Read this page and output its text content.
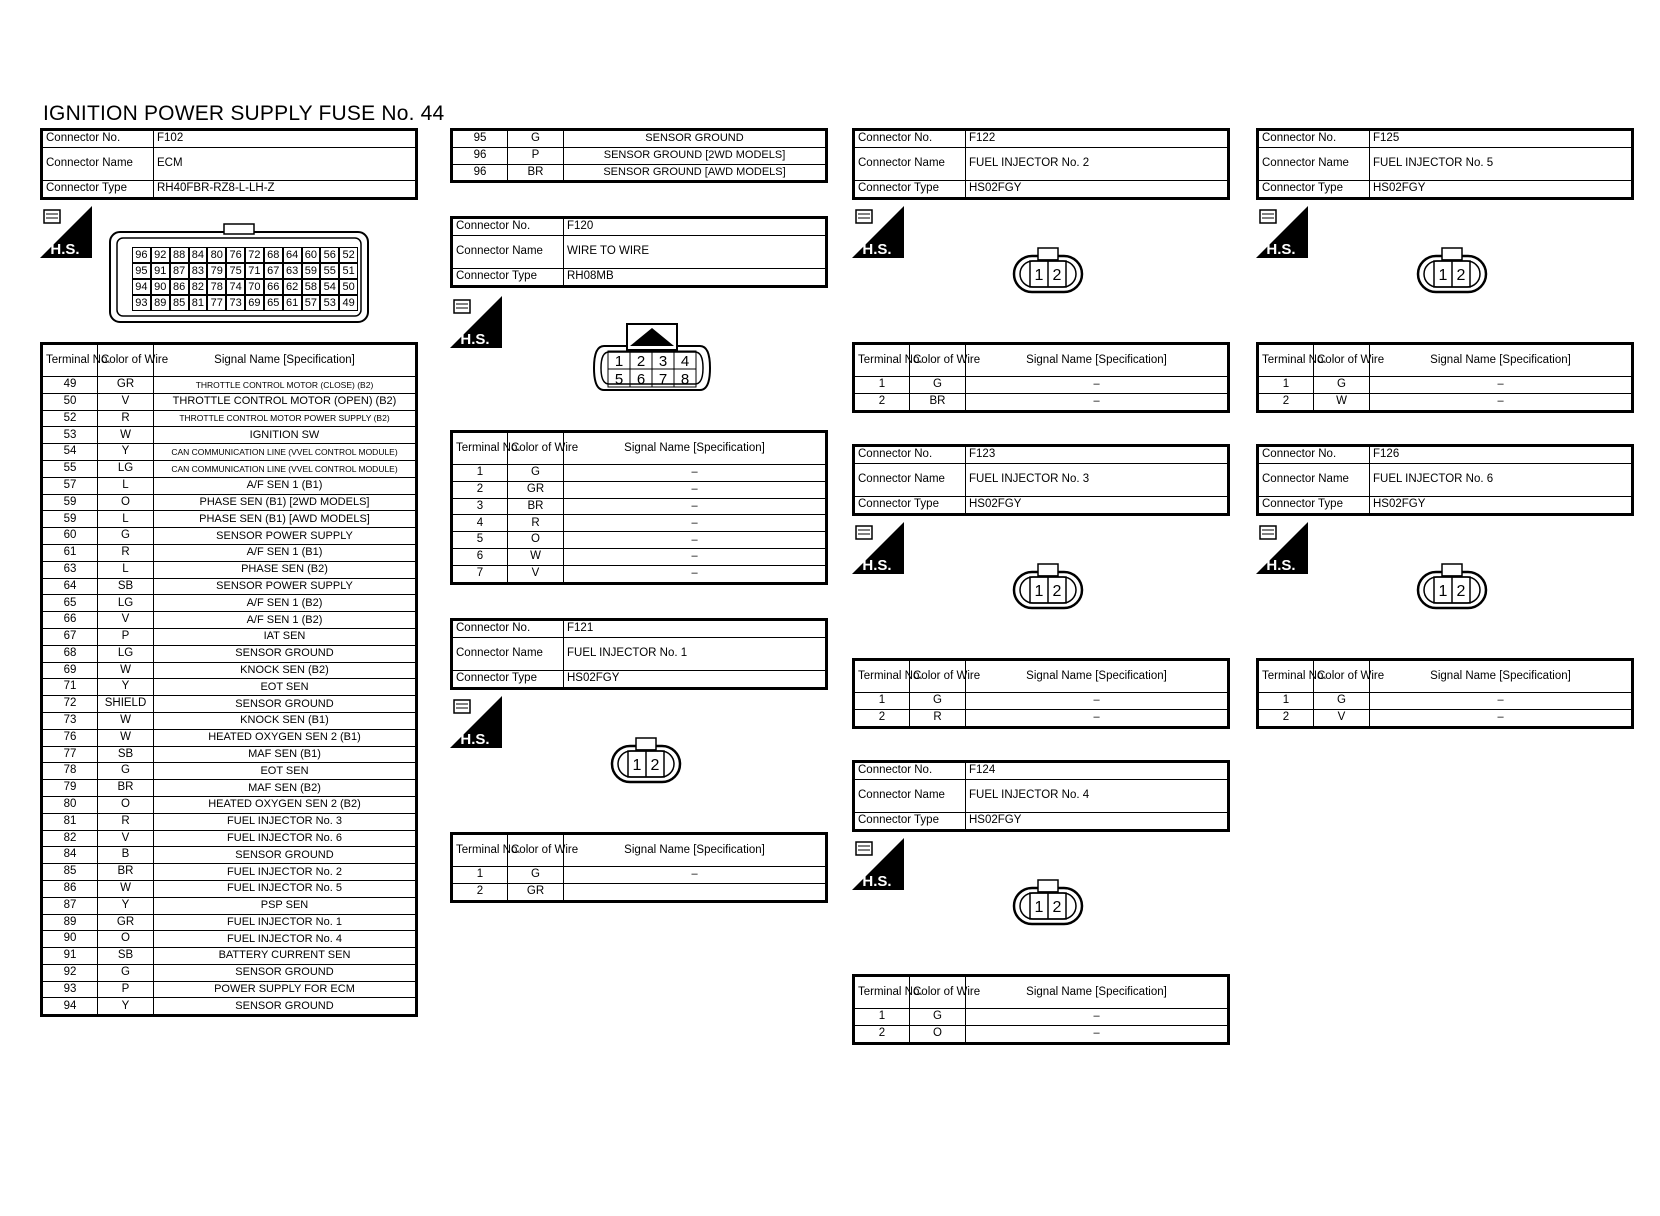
IGNITION POWER SUPPLY FUSE No. 44
Connector No.	F102
Connector Name	ECM
Connector Type	RH40FBR-RZ8-L-LH-Z
H.S.	96 92 88 84 80 76 72 68 64 60 56 52
95 91 87 83 79 75 71 67 63 59 55 51
94 90 86 82 78 74 70 66 62 58 54 50
93 89 85 81 77 73 69 65 61 57 53 49
Terminal No.	Color of Wire	Signal Name [Specification]
49	GR	THROTTLE CONTROL MOTOR (CLOSE) (B2)
50	V	THROTTLE CONTROL MOTOR (OPEN) (B2)
52	R	THROTTLE CONTROL MOTOR POWER SUPPLY (B2)
53	W	IGNITION SW
54	Y	CAN COMMUNICATION LINE (VVEL CONTROL MODULE)
55	LG	CAN COMMUNICATION LINE (VVEL CONTROL MODULE)
57	L	A/F SEN 1 (B1)
59	O	PHASE SEN (B1) [2WD MODELS]
59	L	PHASE SEN (B1) [AWD MODELS]
60	G	SENSOR POWER SUPPLY
61	R	A/F SEN 1 (B1)
63	L	PHASE SEN (B2)
64	SB	SENSOR POWER SUPPLY
65	LG	A/F SEN 1 (B2)
66	V	A/F SEN 1 (B2)
67	P	IAT SEN
68	LG	SENSOR GROUND
69	W	KNOCK SEN (B2)
71	Y	EOT SEN
72	SHIELD	SENSOR GROUND
73	W	KNOCK SEN (B1)
76	W	HEATED OXYGEN SEN 2 (B1)
77	SB	MAF SEN (B1)
78	G	EOT SEN
79	BR	MAF SEN (B2)
80	O	HEATED OXYGEN SEN 2 (B2)
81	R	FUEL INJECTOR No. 3
82	V	FUEL INJECTOR No. 6
84	B	SENSOR GROUND
85	BR	FUEL INJECTOR No. 2
86	W	FUEL INJECTOR No. 5
87	Y	PSP SEN
89	GR	FUEL INJECTOR No. 1
90	O	FUEL INJECTOR No. 4
91	SB	BATTERY CURRENT SEN
92	G	SENSOR GROUND
93	P	POWER SUPPLY FOR ECM
94	Y	SENSOR GROUND
95	G	SENSOR GROUND
96	P	SENSOR GROUND [2WD MODELS]
96	BR	SENSOR GROUND [AWD MODELS]
Connector No.	F120
Connector Name	WIRE TO WIRE
Connector Type	RH08MB
H.S.
1 2 3 4
5 6 7 8
Terminal No.	Color of Wire	Signal Name [Specification]
1	G	–
2	GR	–
3	BR	–
4	R	–
5	O	–
6	W	–
7	V	–
Connector No.	F121
Connector Name	FUEL INJECTOR No. 1
Connector Type	HS02FGY
H.S.
1 2
Terminal No.	Color of Wire	Signal Name [Specification]
1	G	–
2	GR	
Connector No.	F122
Connector Name	FUEL INJECTOR No. 2
Connector Type	HS02FGY
H.S.
1 2
Terminal No.	Color of Wire	Signal Name [Specification]
1	G	–
2	BR	–
Connector No.	F123
Connector Name	FUEL INJECTOR No. 3
Connector Type	HS02FGY
H.S.
1 2
Terminal No.	Color of Wire	Signal Name [Specification]
1	G	–
2	R	–
Connector No.	F124
Connector Name	FUEL INJECTOR No. 4
Connector Type	HS02FGY
H.S.
1 2
Terminal No.	Color of Wire	Signal Name [Specification]
1	G	–
2	O	–
Connector No.	F125
Connector Name	FUEL INJECTOR No. 5
Connector Type	HS02FGY
H.S.
1 2
Terminal No.	Color of Wire	Signal Name [Specification]
1	G	–
2	W	–
Connector No.	F126
Connector Name	FUEL INJECTOR No. 6
Connector Type	HS02FGY
H.S.
1 2
Terminal No.	Color of Wire	Signal Name [Specification]
1	G	–
2	V	–
